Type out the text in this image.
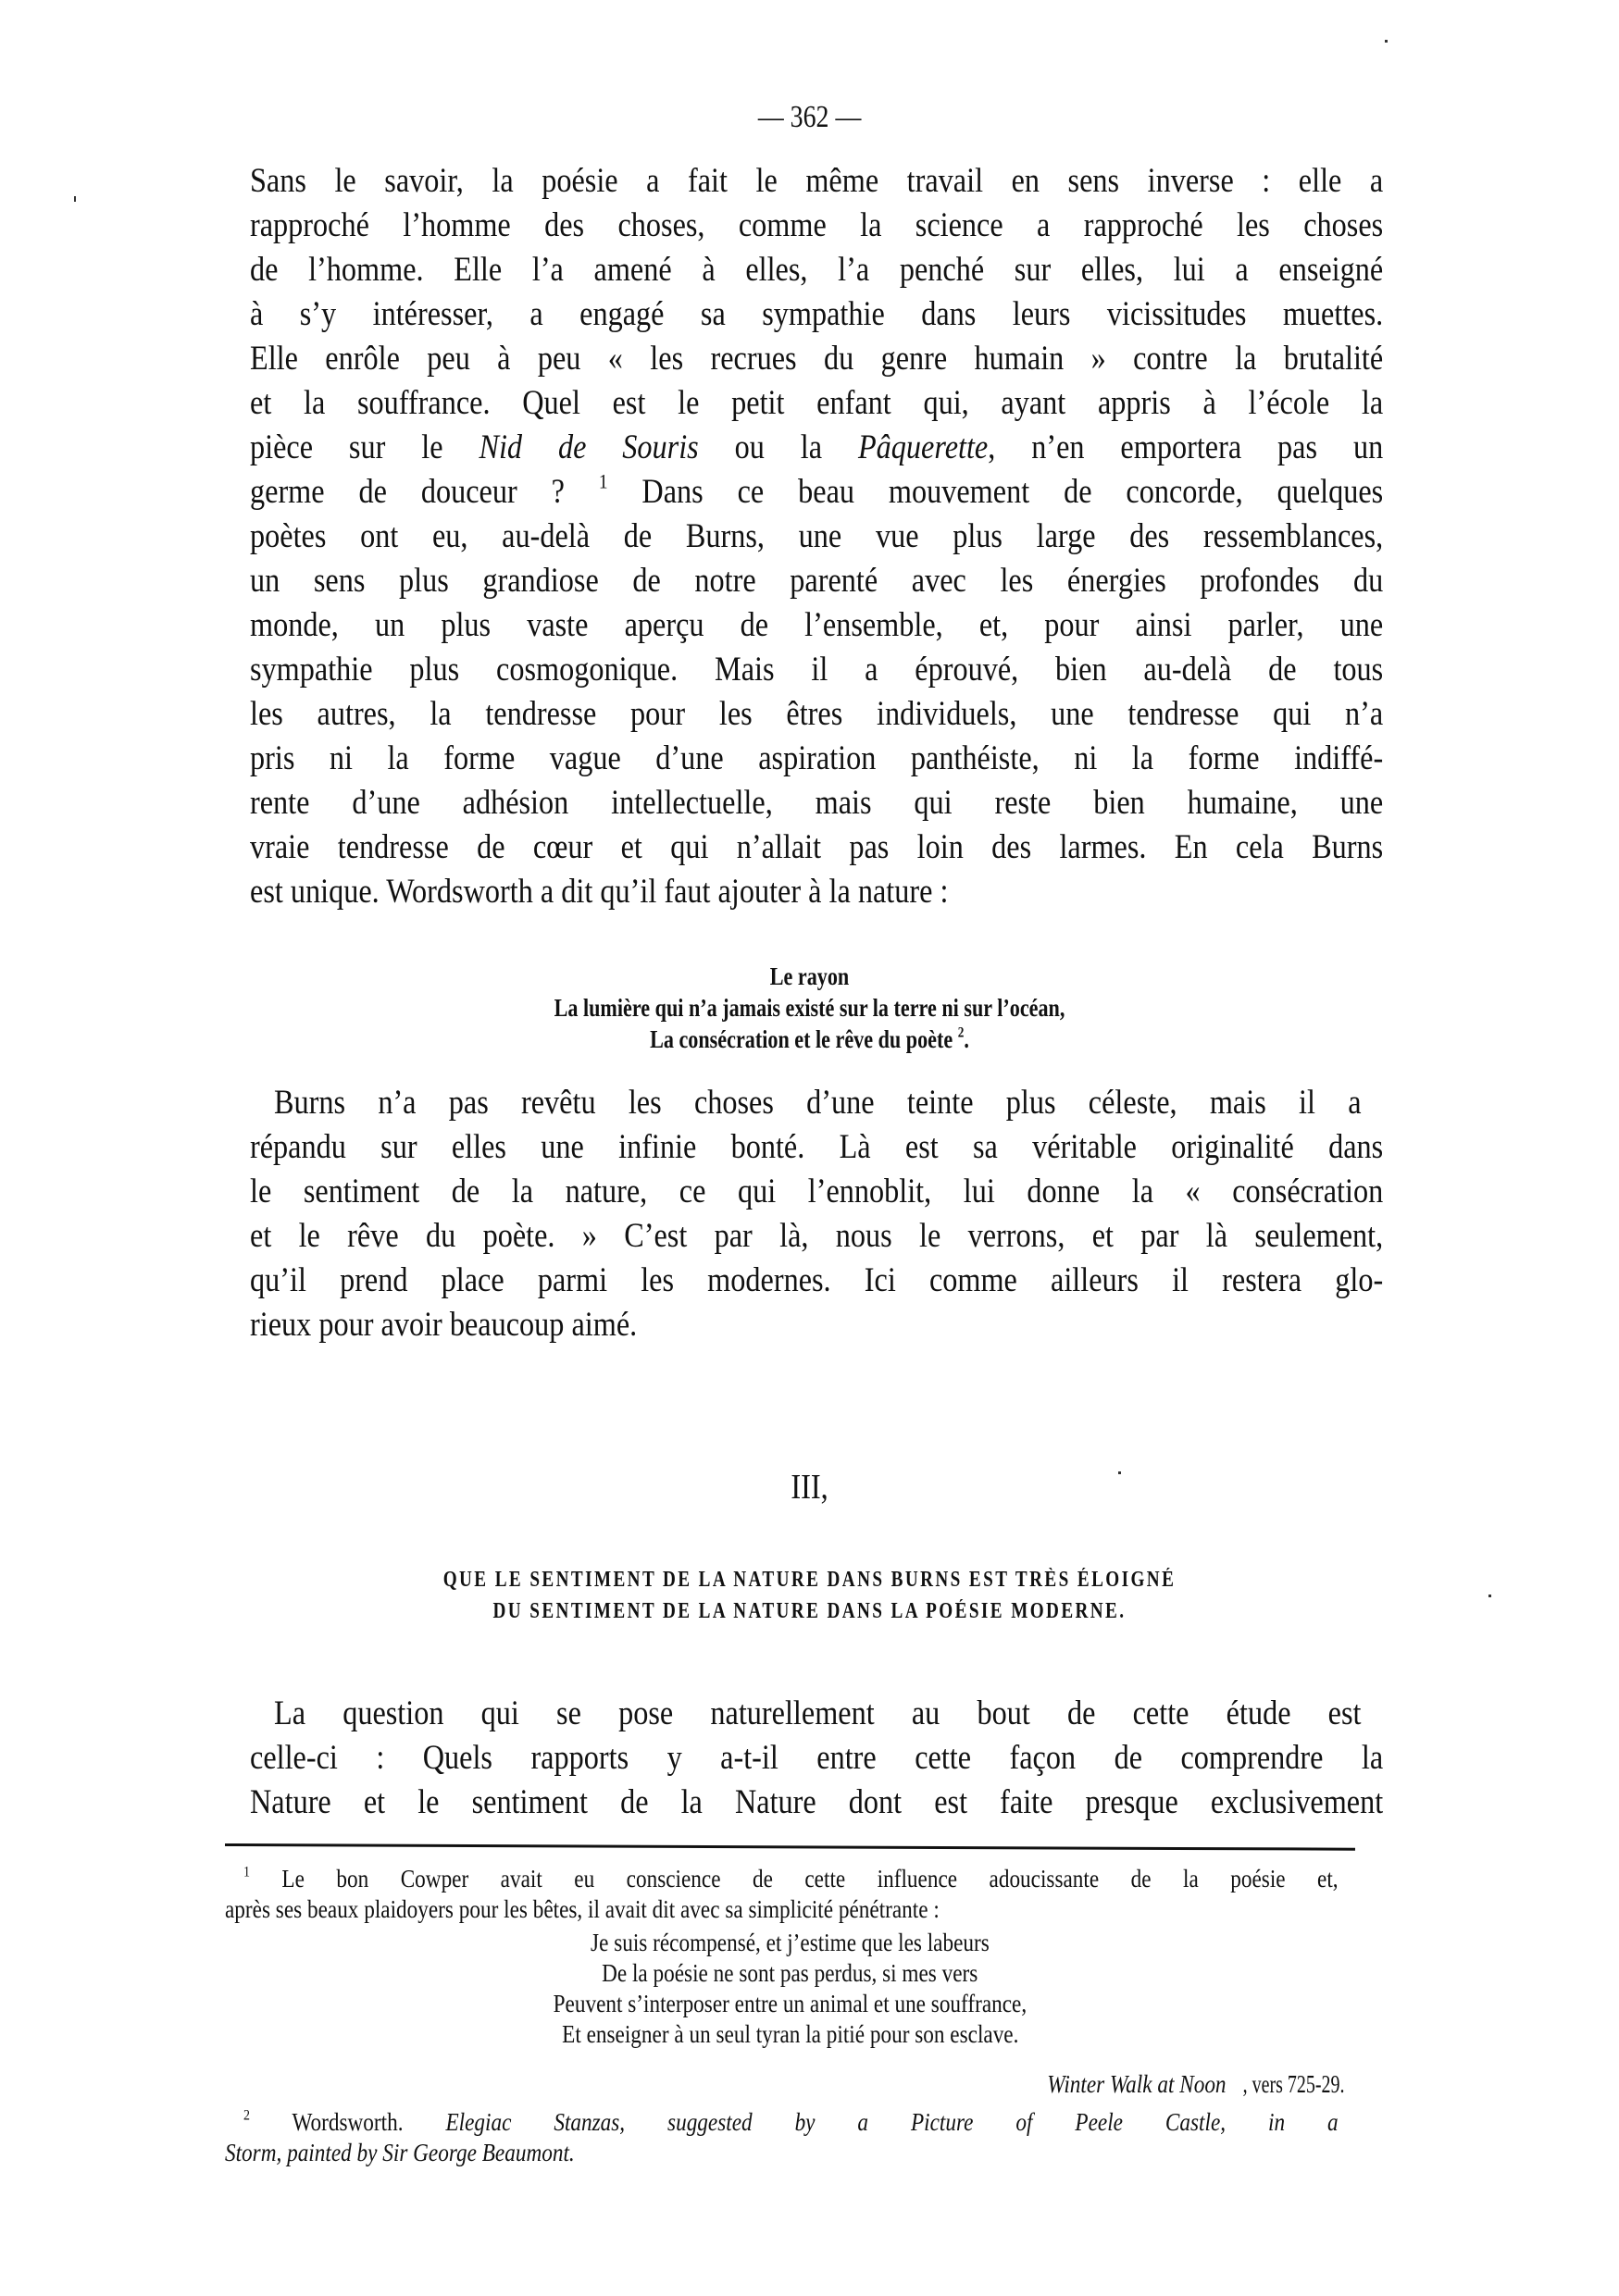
— 362 —
Sans le savoir, la poésie a fait le même travail en sens inverse : elle a
rapproché l’homme des choses, comme la science a rapproché les choses
de l’homme. Elle l’a amené à elles, l’a penché sur elles, lui a enseigné
à s’y intéresser, a engagé sa sympathie dans leurs vicissitudes muettes.
Elle enrôle peu à peu « les recrues du genre humain » contre la brutalité
et la souffrance. Quel est le petit enfant qui, ayant appris à l’école la
pièce sur le Nid de Souris ou la Pâquerette, n’en emportera pas un
germe de douceur ? $^1$ Dans ce beau mouvement de concorde, quelques
poètes ont eu, au-delà de Burns, une vue plus large des ressemblances,
un sens plus grandiose de notre parenté avec les énergies profondes du
monde, un plus vaste aperçu de l’ensemble, et, pour ainsi parler, une
sympathie plus cosmogonique. Mais il a éprouvé, bien au-delà de tous
les autres, la tendresse pour les êtres individuels, une tendresse qui n’a
pris ni la forme vague d’une aspiration panthéiste, ni la forme indiffé-
rente d’une adhésion intellectuelle, mais qui reste bien humaine, une
vraie tendresse de cœur et qui n’allait pas loin des larmes. En cela Burns
est unique. Wordsworth a dit qu’il faut ajouter à la nature :
Le rayon
La lumière qui n’a jamais existé sur la terre ni sur l’océan,
La consécration et le rêve du poète $^2$.
Burns n’a pas revêtu les choses d’une teinte plus céleste, mais il a
répandu sur elles une infinie bonté. Là est sa véritable originalité dans
le sentiment de la nature, ce qui l’ennoblit, lui donne la « consécration
et le rêve du poète. » C’est par là, nous le verrons, et par là seulement,
qu’il prend place parmi les modernes. Ici comme ailleurs il restera glo-
rieux pour avoir beaucoup aimé.
III,
QUE LE SENTIMENT DE LA NATURE DANS BURNS EST TRÈS ÉLOIGNÉ
DU SENTIMENT DE LA NATURE DANS LA POÉSIE MODERNE.
La question qui se pose naturellement au bout de cette étude est
celle-ci : Quels rapports y a-t-il entre cette façon de comprendre la
Nature et le sentiment de la Nature dont est faite presque exclusivement
$^1$ Le bon Cowper avait eu conscience de cette influence adoucissante de la poésie et,
après ses beaux plaidoyers pour les bêtes, il avait dit avec sa simplicité pénétrante :
Je suis récompensé, et j’estime que les labeurs
De la poésie ne sont pas perdus, si mes vers
Peuvent s’interposer entre un animal et une souffrance,
Et enseigner à un seul tyran la pitié pour son esclave.
Winter Walk at Noon , vers 725-29.
$^2$ Wordsworth. Elegiac Stanzas, suggested by a Picture of Peele Castle, in a
Storm, painted by Sir George Beaumont.
